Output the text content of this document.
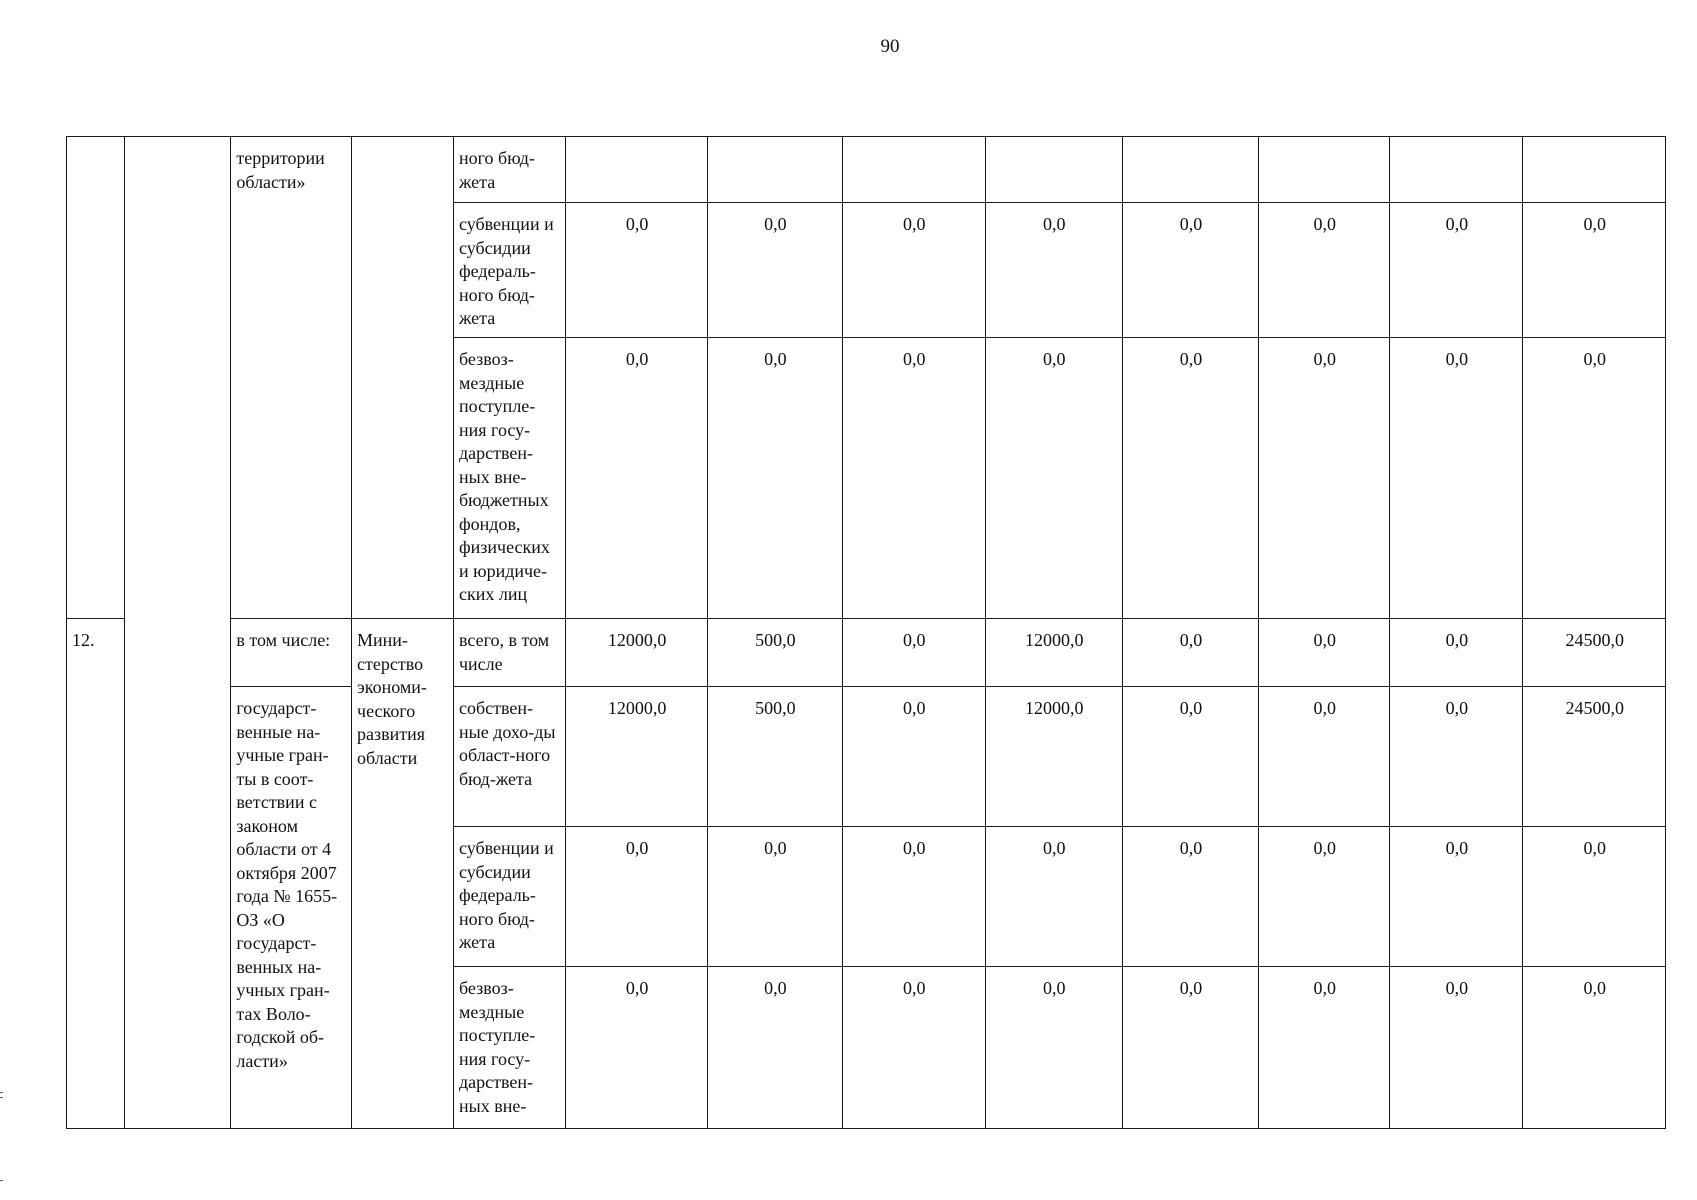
90
		территории области»		ного бюд-жета								
				субвенции и субсидии федераль-ного бюд-жета	0,0	0,0	0,0	0,0	0,0	0,0	0,0	0,0
				безвоз-мездные поступле-ния госу-дарствен-ных вне-бюджетных фондов, физических и юридиче-ских лиц	0,0	0,0	0,0	0,0	0,0	0,0	0,0	0,0
12.		в том числе:	Мини-стерство экономи-ческого развития области	всего, в том числе	12000,0	500,0	0,0	12000,0	0,0	0,0	0,0	24500,0
		государст-венные на-учные гран-ты в соот-ветствии с законом области от 4 октября 2007 года № 1655-ОЗ «О государст-венных на-учных гран-тах Воло-годской об-ласти»		собствен-ные дохо-ды област-ного бюд-жета	12000,0	500,0	0,0	12000,0	0,0	0,0	0,0	24500,0
				субвенции и субсидии федераль-ного бюд-жета	0,0	0,0	0,0	0,0	0,0	0,0	0,0	0,0
				безвоз-мездные поступле-ния госу-дарствен-ных вне-	0,0	0,0	0,0	0,0	0,0	0,0	0,0	0,0
